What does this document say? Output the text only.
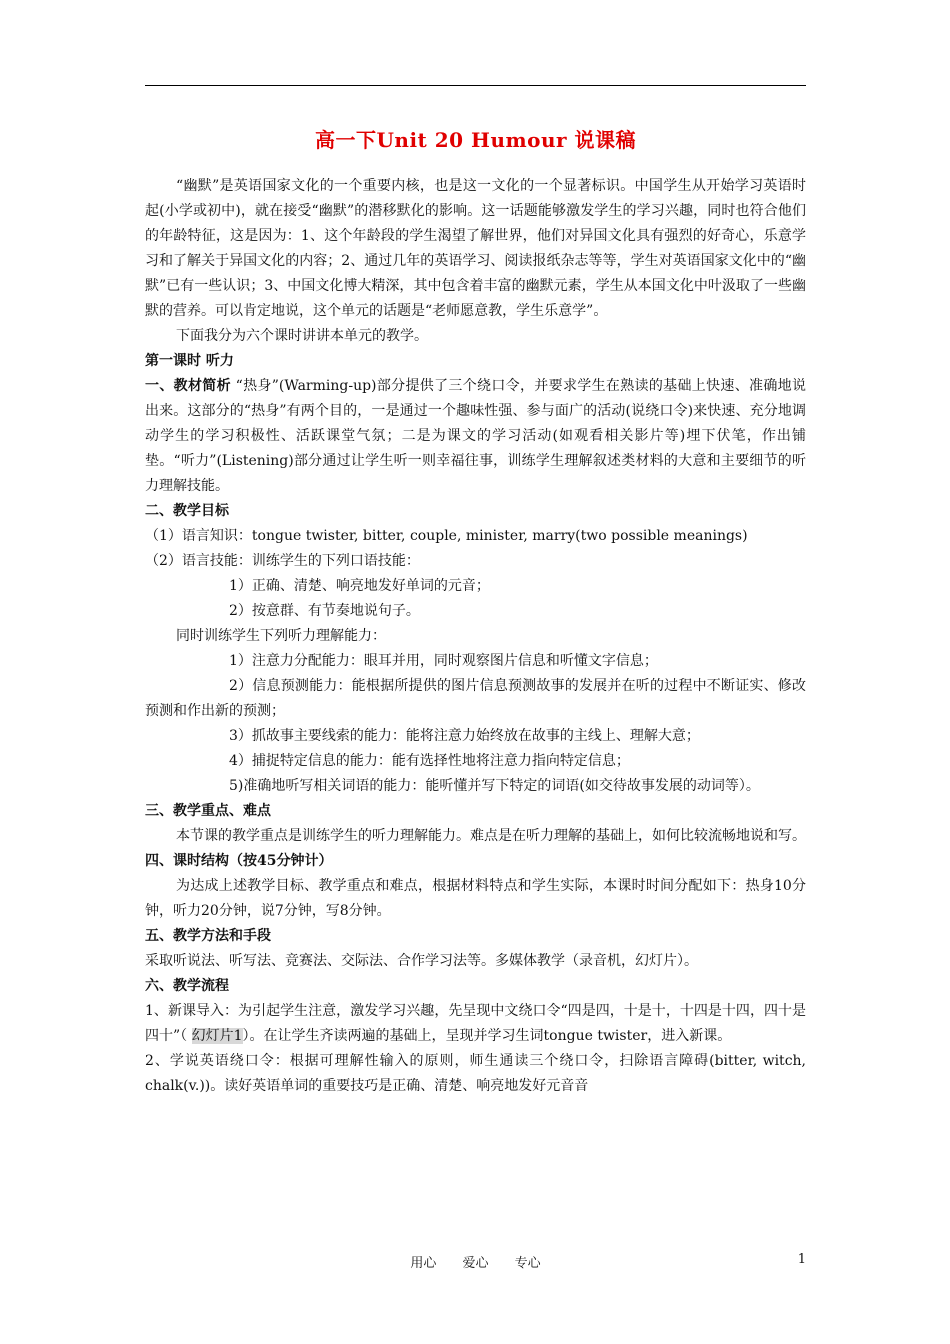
高一下Unit 20 Humour 说课稿

“幽默”是英语国家文化的一个重要内核，也是这一文化的一个显著标识。中国学生从开始学习英语时起(小学或初中)，就在接受“幽默”的潜移默化的影响。这一话题能够激发学生的学习兴趣，同时也符合他们的年龄特征，这是因为：1、这个年龄段的学生渴望了解世界，他们对异国文化具有强烈的好奇心，乐意学习和了解关于异国文化的内容；2、通过几年的英语学习、阅读报纸杂志等等，学生对英语国家文化中的“幽默”已有一些认识；3、中国文化博大精深，其中包含着丰富的幽默元素，学生从本国文化中叶汲取了一些幽默的营养。可以肯定地说，这个单元的话题是“老师愿意教，学生乐意学”。

下面我分为六个课时讲讲本单元的教学。

第一课时 听力

一、教材简析 “热身”(Warming-up)部分提供了三个绕口令，并要求学生在熟读的基础上快速、准确地说出来。这部分的“热身”有两个目的，一是通过一个趣味性强、参与面广的活动(说绕口令)来快速、充分地调动学生的学习积极性、活跃课堂气氛；二是为课文的学习活动(如观看相关影片等)埋下伏笔，作出铺垫。“听力”(Listening)部分通过让学生听一则幸福往事，训练学生理解叙述类材料的大意和主要细节的听力理解技能。

二、教学目标

（1）语言知识：tongue twister, bitter, couple, minister, marry(two possible meanings)

（2）语言技能：训练学生的下列口语技能：

1）正确、清楚、响亮地发好单词的元音；

2）按意群、有节奏地说句子。

同时训练学生下列听力理解能力：

1）注意力分配能力：眼耳并用，同时观察图片信息和听懂文字信息；

2）信息预测能力：能根据所提供的图片信息预测故事的发展并在听的过程中不断证实、修改预测和作出新的预测；

3）抓故事主要线索的能力：能将注意力始终放在故事的主线上、理解大意；

4）捕捉特定信息的能力：能有选择性地将注意力指向特定信息；

5)准确地听写相关词语的能力：能听懂并写下特定的词语(如交待故事发展的动词等）。

三、教学重点、难点

本节课的教学重点是训练学生的听力理解能力。难点是在听力理解的基础上，如何比较流畅地说和写。

四、课时结构（按45分钟计）

为达成上述教学目标、教学重点和难点，根据材料特点和学生实际，本课时时间分配如下：热身10分钟，听力20分钟，说7分钟，写8分钟。

五、教学方法和手段

采取听说法、听写法、竞赛法、交际法、合作学习法等。多媒体教学（录音机，幻灯片）。

六、教学流程

1、新课导入：为引起学生注意，激发学习兴趣，先呈现中文绕口令“四是四，十是十，十四是十四，四十是四十”（ 幻灯片1）。在让学生齐读两遍的基础上，呈现并学习生词tongue twister，进入新课。

2、学说英语绕口令：根据可理解性输入的原则，师生通读三个绕口令，扫除语言障碍(bitter, witch, chalk(v.))。读好英语单词的重要技巧是正确、清楚、响亮地发好元音音

用心 爱心 专心	1
